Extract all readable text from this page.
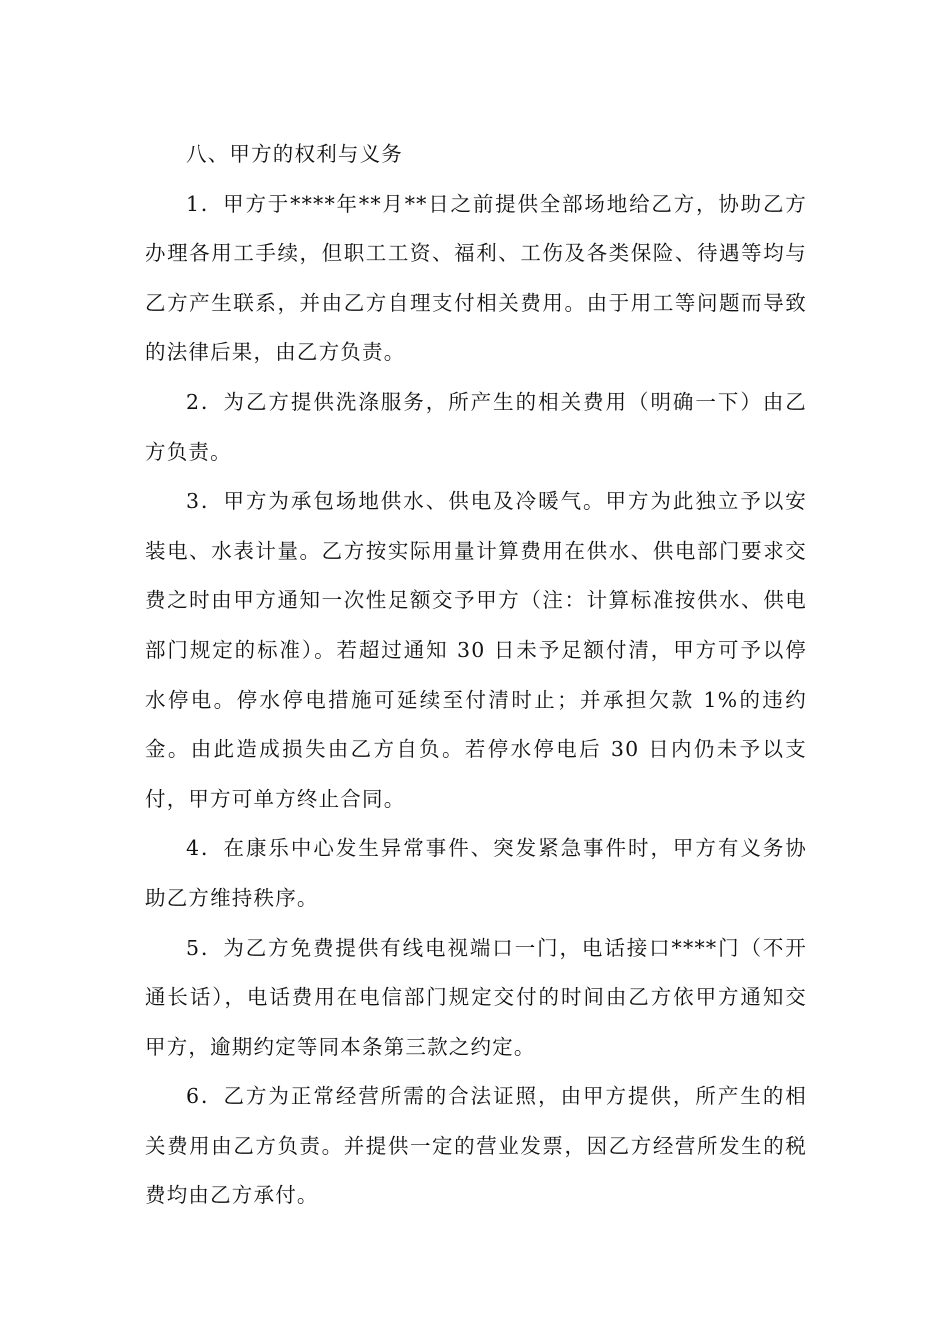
八、甲方的权利与义务

1．甲方于****年**月**日之前提供全部场地给乙方，协助乙方办理各用工手续，但职工工资、福利、工伤及各类保险、待遇等均与乙方产生联系，并由乙方自理支付相关费用。由于用工等问题而导致的法律后果，由乙方负责。

2．为乙方提供洗涤服务，所产生的相关费用（明确一下）由乙方负责。

3．甲方为承包场地供水、供电及冷暖气。甲方为此独立予以安装电、水表计量。乙方按实际用量计算费用在供水、供电部门要求交费之时由甲方通知一次性足额交予甲方（注：计算标准按供水、供电部门规定的标准）。若超过通知 30 日未予足额付清，甲方可予以停水停电。停水停电措施可延续至付清时止；并承担欠款 1%的违约金。由此造成损失由乙方自负。若停水停电后 30 日内仍未予以支付，甲方可单方终止合同。

4．在康乐中心发生异常事件、突发紧急事件时，甲方有义务协助乙方维持秩序。

5．为乙方免费提供有线电视端口一门，电话接口****门（不开通长话），电话费用在电信部门规定交付的时间由乙方依甲方通知交甲方，逾期约定等同本条第三款之约定。

6．乙方为正常经营所需的合法证照，由甲方提供，所产生的相关费用由乙方负责。并提供一定的营业发票，因乙方经营所发生的税费均由乙方承付。
